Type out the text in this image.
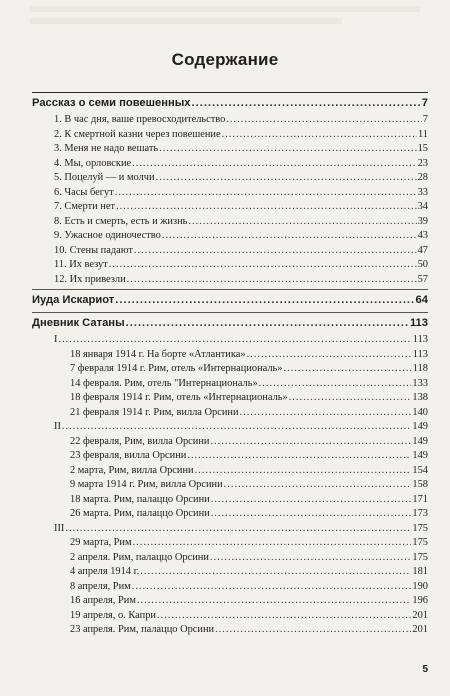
Содержание
Рассказ о семи повешенных .....	7
1. В час дня, ваше превосходительство .....	7
2. К смертной казни через повешение .....	11
3. Меня не надо вешать .....	15
4. Мы, орловские .....	23
5. Поцелуй — и молчи .....	28
6. Часы бегут .....	33
7. Смерти нет .....	34
8. Есть и смерть, есть и жизнь .....	39
9. Ужасное одиночество .....	43
10. Стены падают .....	47
11. Их везут .....	50
12. Их привезли .....	57
Иуда Искариот .....	64
Дневник Сатаны .....	113
I .....	113
18 января 1914 г. На борте «Атлантика» .....	113
7 февраля 1914 г. Рим, отель «Интернациональ» .....	118
14 февраля. Рим, отель "Интернациональ» .....	133
18 февраля 1914 г. Рим, отель «Интернациональ» .....	138
21 февраля 1914 г. Рим, вилла Орсини .....	140
II .....	149
22 февраля, Рим, вилла Орсини .....	149
23 февраля, вилла Орсини .....	149
2 марта, Рим, вилла Орсини .....	154
9 марта 1914 г. Рим, вилла Орсини .....	158
18 марта. Рим, палаццо Орсини .....	171
26 марта. Рим, палаццо Орсини .....	173
III .....	175
29 марта, Рим .....	175
2 апреля. Рим, палаццо Орсини .....	175
4 апреля 1914 г. .....	181
8 апреля, Рим .....	190
16 апреля, Рим .....	196
19 апреля, о. Капри .....	201
23 апреля. Рим, палаццо Орсини .....	201
5
